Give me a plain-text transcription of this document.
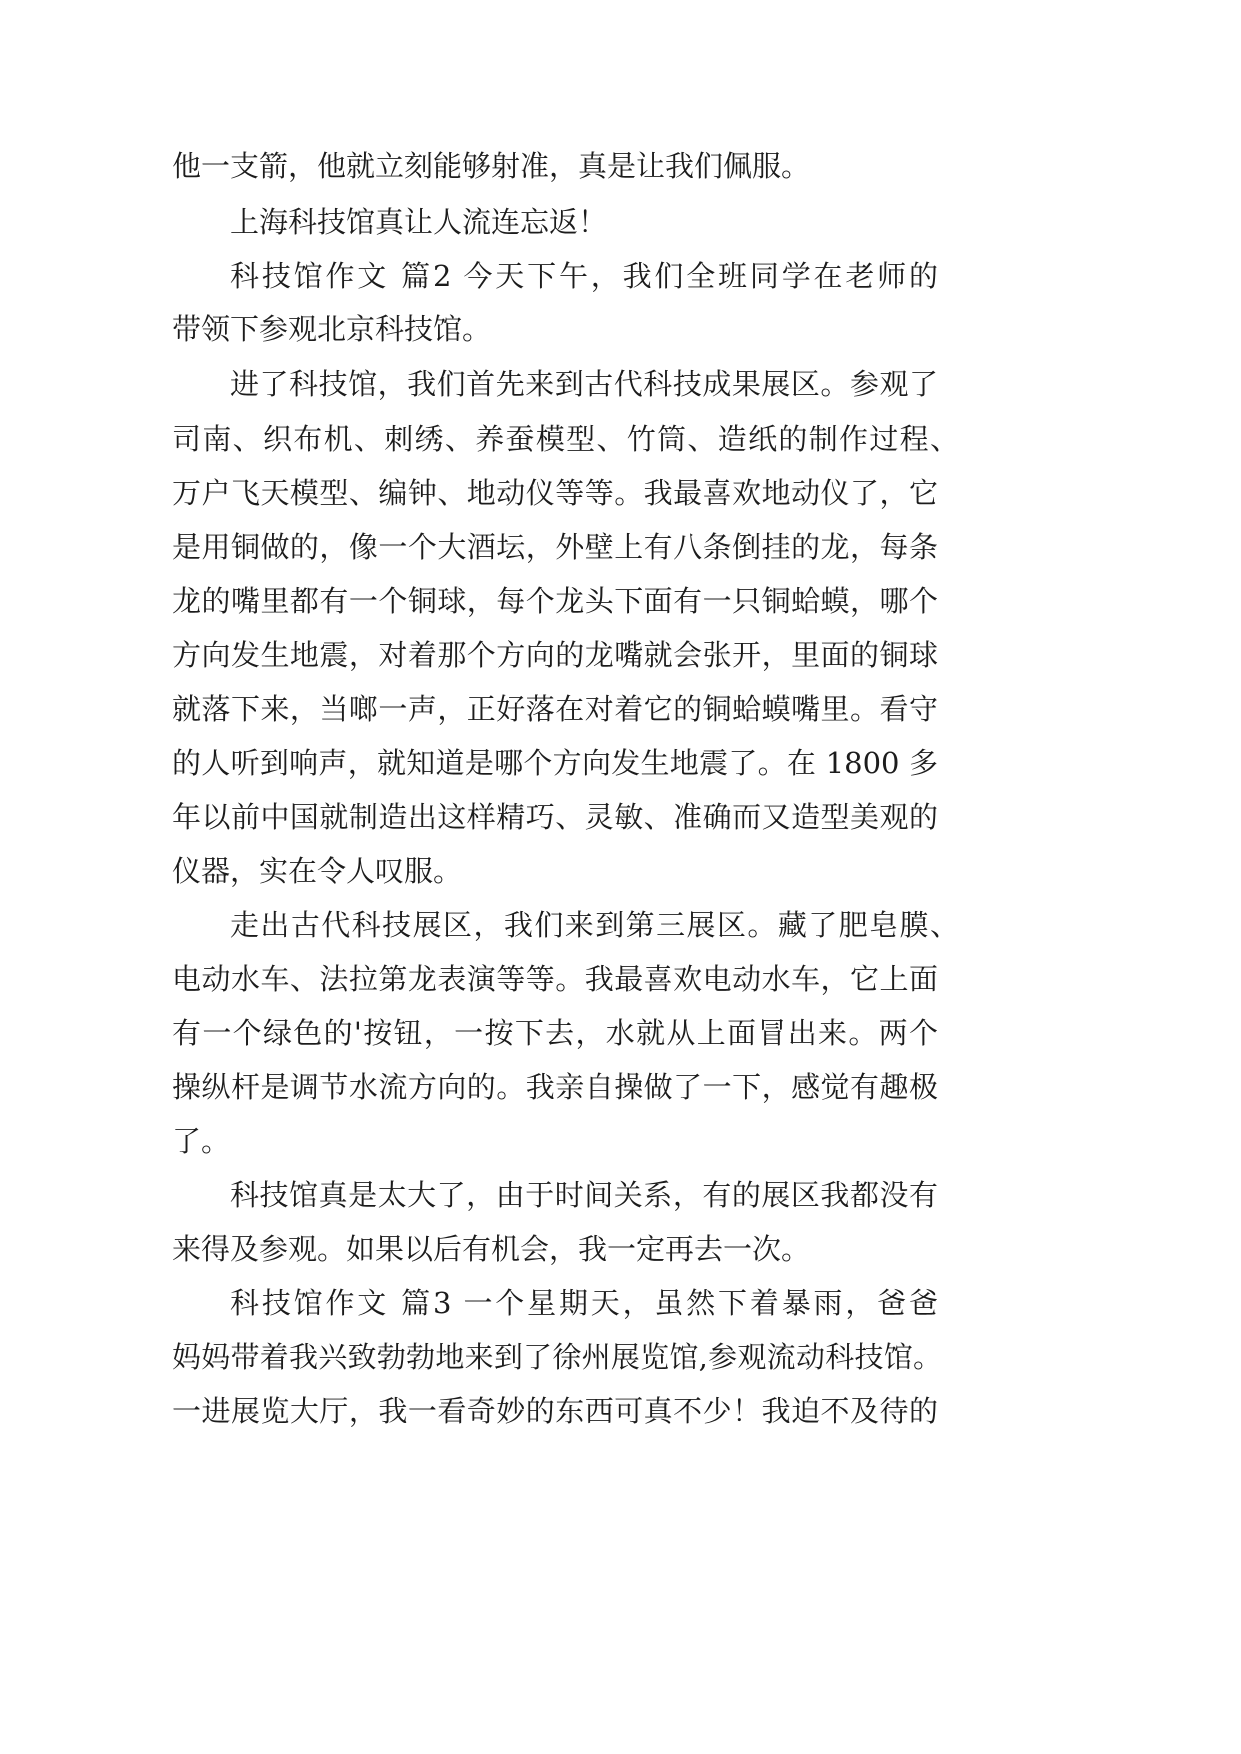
他一支箭，他就立刻能够射准，真是让我们佩服。
上海科技馆真让人流连忘返！
科技馆作文 篇2 今天下午，我们全班同学在老师的
带领下参观北京科技馆。
进了科技馆，我们首先来到古代科技成果展区。参观了
司南、织布机、刺绣、养蚕模型、竹筒、造纸的制作过程、
万户飞天模型、编钟、地动仪等等。我最喜欢地动仪了，它
是用铜做的，像一个大酒坛，外壁上有八条倒挂的龙，每条
龙的嘴里都有一个铜球，每个龙头下面有一只铜蛤蟆，哪个
方向发生地震，对着那个方向的龙嘴就会张开，里面的铜球
就落下来，当啷一声，正好落在对着它的铜蛤蟆嘴里。看守
的人听到响声，就知道是哪个方向发生地震了。在 1800 多
年以前中国就制造出这样精巧、灵敏、准确而又造型美观的
仪器，实在令人叹服。
走出古代科技展区，我们来到第三展区。藏了肥皂膜、
电动水车、法拉第龙表演等等。我最喜欢电动水车，它上面
有一个绿色的'按钮，一按下去，水就从上面冒出来。两个
操纵杆是调节水流方向的。我亲自操做了一下，感觉有趣极
了。
科技馆真是太大了，由于时间关系，有的展区我都没有
来得及参观。如果以后有机会，我一定再去一次。
科技馆作文 篇3 一个星期天，虽然下着暴雨，爸爸
妈妈带着我兴致勃勃地来到了徐州展览馆,参观流动科技馆。
一进展览大厅，我一看奇妙的东西可真不少！我迫不及待的
